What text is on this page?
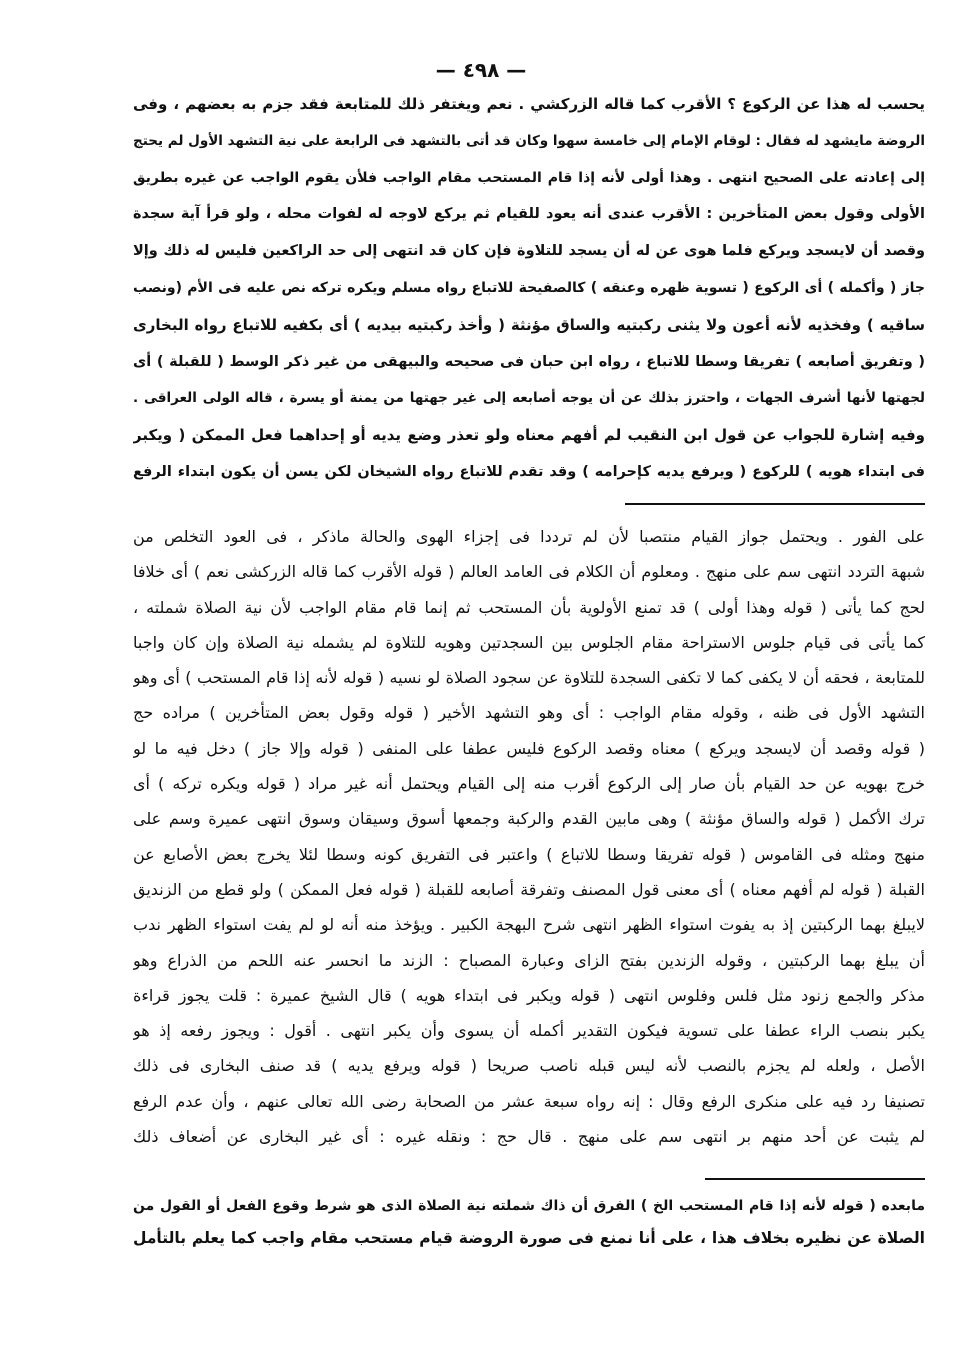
— ٤٩٨ —
يحسب له هذا عن الركوع ؟ الأقرب كما قاله الزركشي . نعم ويغتفر ذلك للمتابعة فقد جزم به بعضهم ، وفى
الروضة مايشهد له فقال : لوقام الإمام إلى خامسة سهوا وكان قد أتى بالتشهد فى الرابعة على نية التشهد الأول لم يحتج
إلى إعادته على الصحيح انتهى . وهذا أولى لأنه إذا قام المستحب مقام الواجب فلأن يقوم الواجب عن غيره بطريق
الأولى وقول بعض المتأخرين : الأقرب عندى أنه يعود للقيام ثم يركع لاوجه له لفوات محله ، ولو قرأ آية سجدة
وقصد أن لايسجد ويركع فلما هوى عن له أن يسجد للتلاوة فإن كان قد انتهى إلى حد الراكعين فليس له ذلك وإلا
جاز ( وأكمله ) أى الركوع ( تسوية ظهره وعنقه ) كالصفيحة للاتباع رواه مسلم ويكره تركه نص عليه فى الأم (ونصب
ساقيه ) وفخذيه لأنه أعون ولا يثنى ركبتيه والساق مؤنثة ( وأخذ ركبتيه بيديه ) أى بكفيه للاتباع رواه البخارى
( وتفريق أصابعه ) تفريقا وسطا للاتباع ، رواه ابن حبان فى صحيحه والبيهقى من غير ذكر الوسط ( للقبلة ) أى
لجهتها لأنها أشرف الجهات ، واحترز بذلك عن أن يوجه أصابعه إلى غير جهتها من يمنة أو يسرة ، قاله الولى العراقى .
وفيه إشارة للجواب عن قول ابن النقيب لم أفهم معناه ولو تعذر وضع يديه أو إحداهما فعل الممكن ( ويكبر
فى ابتداء هويه ) للركوع ( ويرفع يديه كإحرامه ) وقد تقدم للاتباع رواه الشيخان لكن يسن أن يكون ابتداء الرفع
على الفور . ويحتمل جواز القيام منتصبا لأن لم ترددا فى إجزاء الهوى والحالة ماذكر ، فى العود التخلص من
شبهة التردد انتهى سم على منهج . ومعلوم أن الكلام فى العامد العالم ( قوله الأقرب كما قاله الزركشى نعم ) أى خلافا
لحج كما يأتى ( قوله وهذا أولى ) قد تمنع الأولوية بأن المستحب ثم إنما قام مقام الواجب لأن نية الصلاة شملته ،
كما يأتى فى قيام جلوس الاستراحة مقام الجلوس بين السجدتين وهويه للتلاوة لم يشمله نية الصلاة وإن كان واجبا
للمتابعة ، فحقه أن لا يكفى كما لا تكفى السجدة للتلاوة عن سجود الصلاة لو نسيه ( قوله لأنه إذا قام المستحب ) أى وهو
التشهد الأول فى ظنه ، وقوله مقام الواجب : أى وهو التشهد الأخير ( قوله وقول بعض المتأخرين ) مراده حج
( قوله وقصد أن لايسجد ويركع ) معناه وقصد الركوع فليس عطفا على المنفى ( قوله وإلا جاز ) دخل فيه ما لو
خرج بهويه عن حد القيام بأن صار إلى الركوع أقرب منه إلى القيام ويحتمل أنه غير مراد ( قوله ويكره تركه ) أى
ترك الأكمل ( قوله والساق مؤنثة ) وهى مابين القدم والركبة وجمعها أسوق وسيقان وسوق انتهى عميرة وسم على
منهج ومثله فى القاموس ( قوله تفريقا وسطا للاتباع ) واعتبر فى التفريق كونه وسطا لئلا يخرج بعض الأصابع عن
القبلة ( قوله لم أفهم معناه ) أى معنى قول المصنف وتفرقة أصابعه للقبلة ( قوله فعل الممكن ) ولو قطع من الزنديق
لايبلغ بهما الركبتين إذ به يفوت استواء الظهر انتهى شرح البهجة الكبير . ويؤخذ منه أنه لو لم يفت استواء الظهر ندب
أن يبلغ بهما الركبتين ، وقوله الزندين بفتح الزاى وعبارة المصباح : الزند ما انحسر عنه اللحم من الذراع وهو
مذكر والجمع زنود مثل فلس وفلوس انتهى ( قوله ويكبر فى ابتداء هويه ) قال الشيخ عميرة : قلت يجوز قراءة
يكبر بنصب الراء عطفا على تسوية فيكون التقدير أكمله أن يسوى وأن يكبر انتهى . أقول : ويجوز رفعه إذ هو
الأصل ، ولعله لم يجزم بالنصب لأنه ليس قبله ناصب صريحا ( قوله ويرفع يديه ) قد صنف البخارى فى ذلك
تصنيفا رد فيه على منكرى الرفع وقال : إنه رواه سبعة عشر من الصحابة رضى الله تعالى عنهم ، وأن عدم الرفع
لم يثبت عن أحد منهم بر انتهى سم على منهج . قال حج : ونقله غيره : أى غير البخارى عن أضعاف ذلك
مابعده ( قوله لأنه إذا قام المستحب الخ ) الفرق أن ذاك شملته نية الصلاة الذى هو شرط وقوع الفعل أو القول من
الصلاة عن نظيره بخلاف هذا ، على أنا نمنع فى صورة الروضة قيام مستحب مقام واجب كما يعلم بالتأمل
